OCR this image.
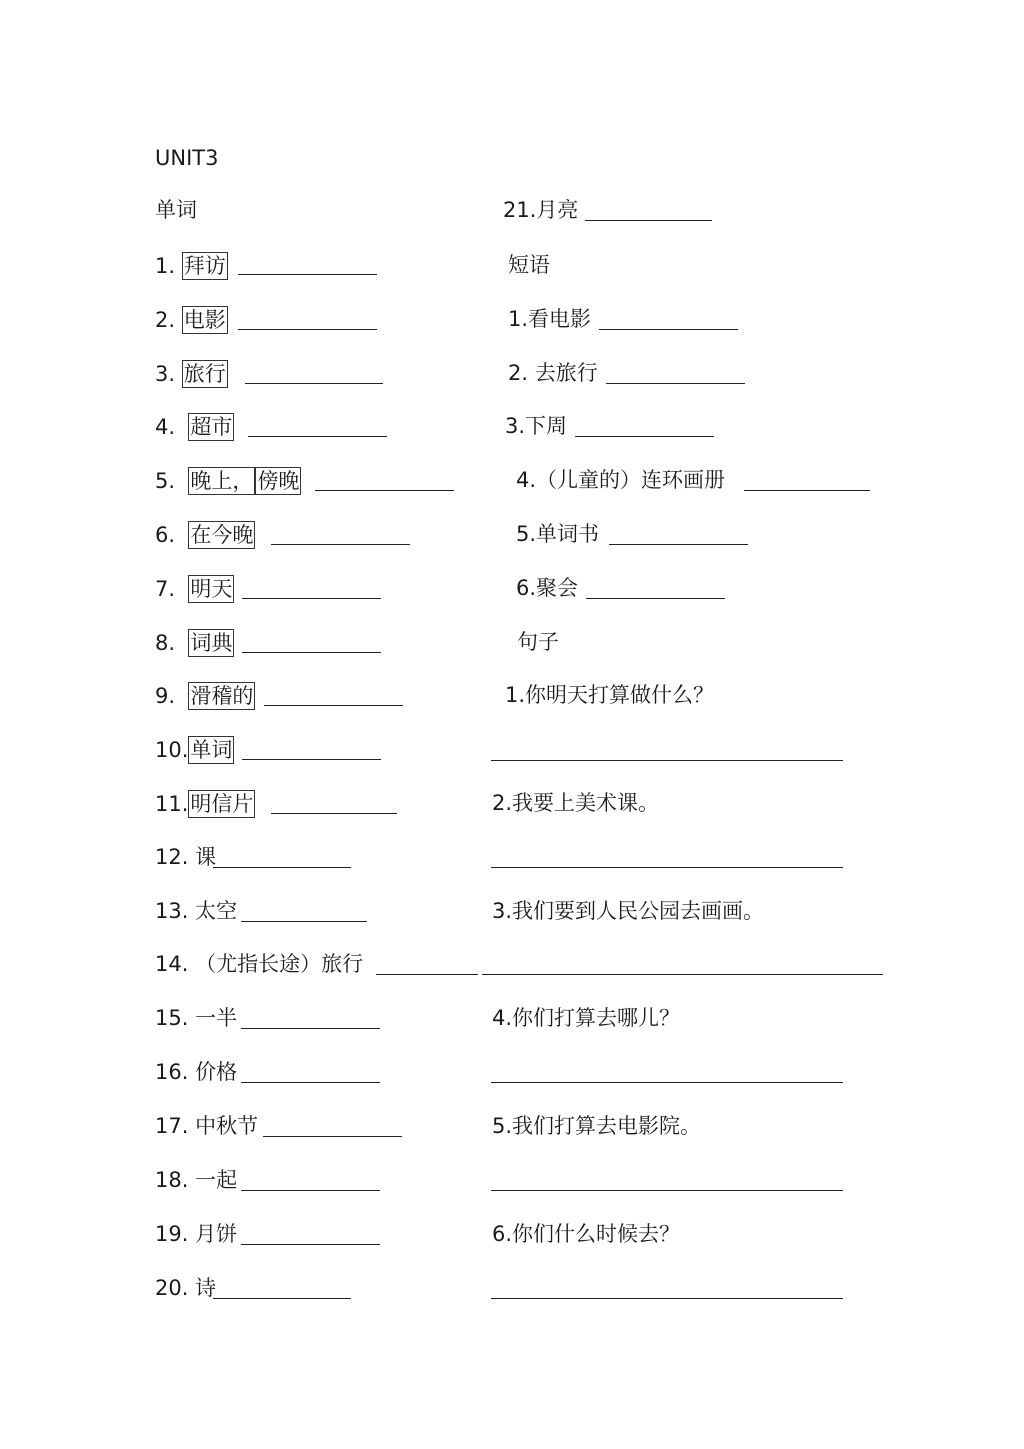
UNIT3
单词
1. 拜访
2. 电影
3. 旅行
4. 超市
5. 晚上， 傍晚
6. 在今晚
7. 明天
8. 词典
9. 滑稽的
10.单词
11.明信片
12. 课
13. 太空
14. （尤指长途）旅行
15. 一半
16. 价格
17. 中秋节
18. 一起
19. 月饼
20. 诗
21.月亮
短语
1.看电影
2. 去旅行
3.下周
4.（儿童的）连环画册
5.单词书
6.聚会
句子
1.你明天打算做什么？
2.我要上美术课。
3.我们要到人民公园去画画。
4.你们打算去哪儿？
5.我们打算去电影院。
6.你们什么时候去？
